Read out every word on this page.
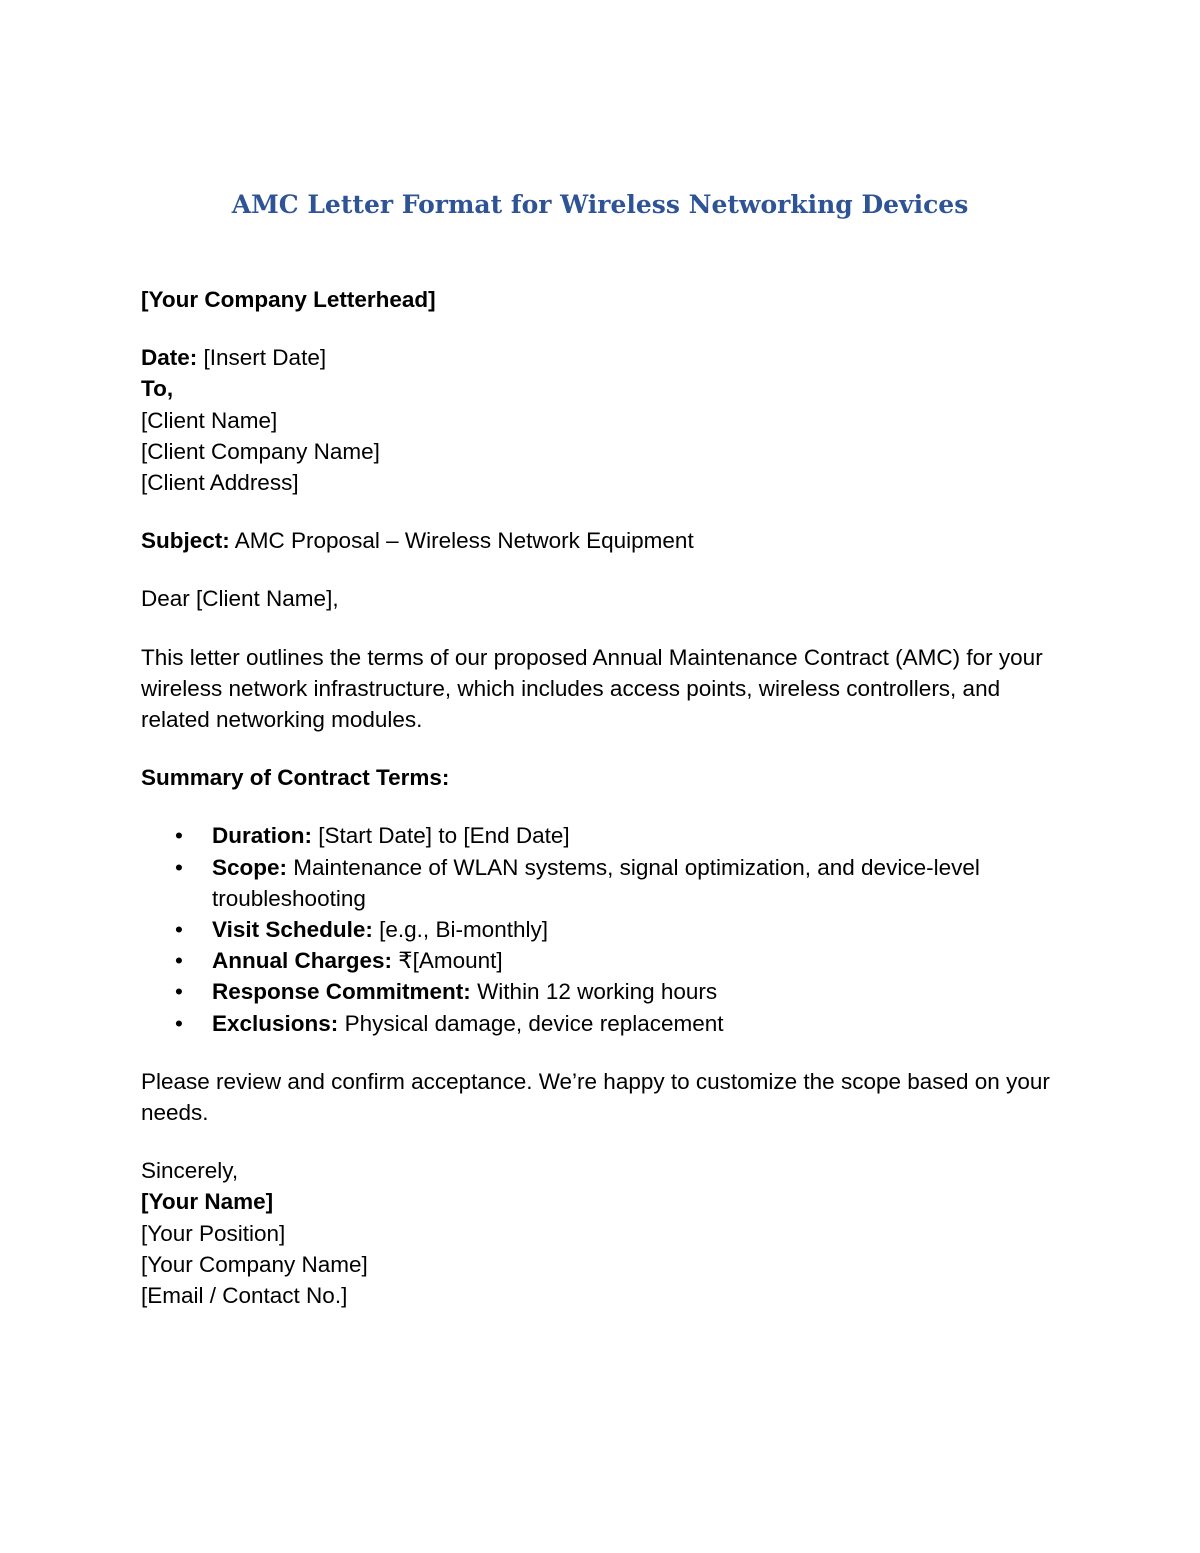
AMC Letter Format for Wireless Networking Devices

[Your Company Letterhead]

Date: [Insert Date]
To,
[Client Name]
[Client Company Name]
[Client Address]

Subject: AMC Proposal – Wireless Network Equipment

Dear [Client Name],

This letter outlines the terms of our proposed Annual Maintenance Contract (AMC) for your wireless network infrastructure, which includes access points, wireless controllers, and related networking modules.

Summary of Contract Terms:

• Duration: [Start Date] to [End Date]
• Scope: Maintenance of WLAN systems, signal optimization, and device-level troubleshooting
• Visit Schedule: [e.g., Bi-monthly]
• Annual Charges: ₹[Amount]
• Response Commitment: Within 12 working hours
• Exclusions: Physical damage, device replacement

Please review and confirm acceptance. We’re happy to customize the scope based on your needs.

Sincerely,
[Your Name]
[Your Position]
[Your Company Name]
[Email / Contact No.]
